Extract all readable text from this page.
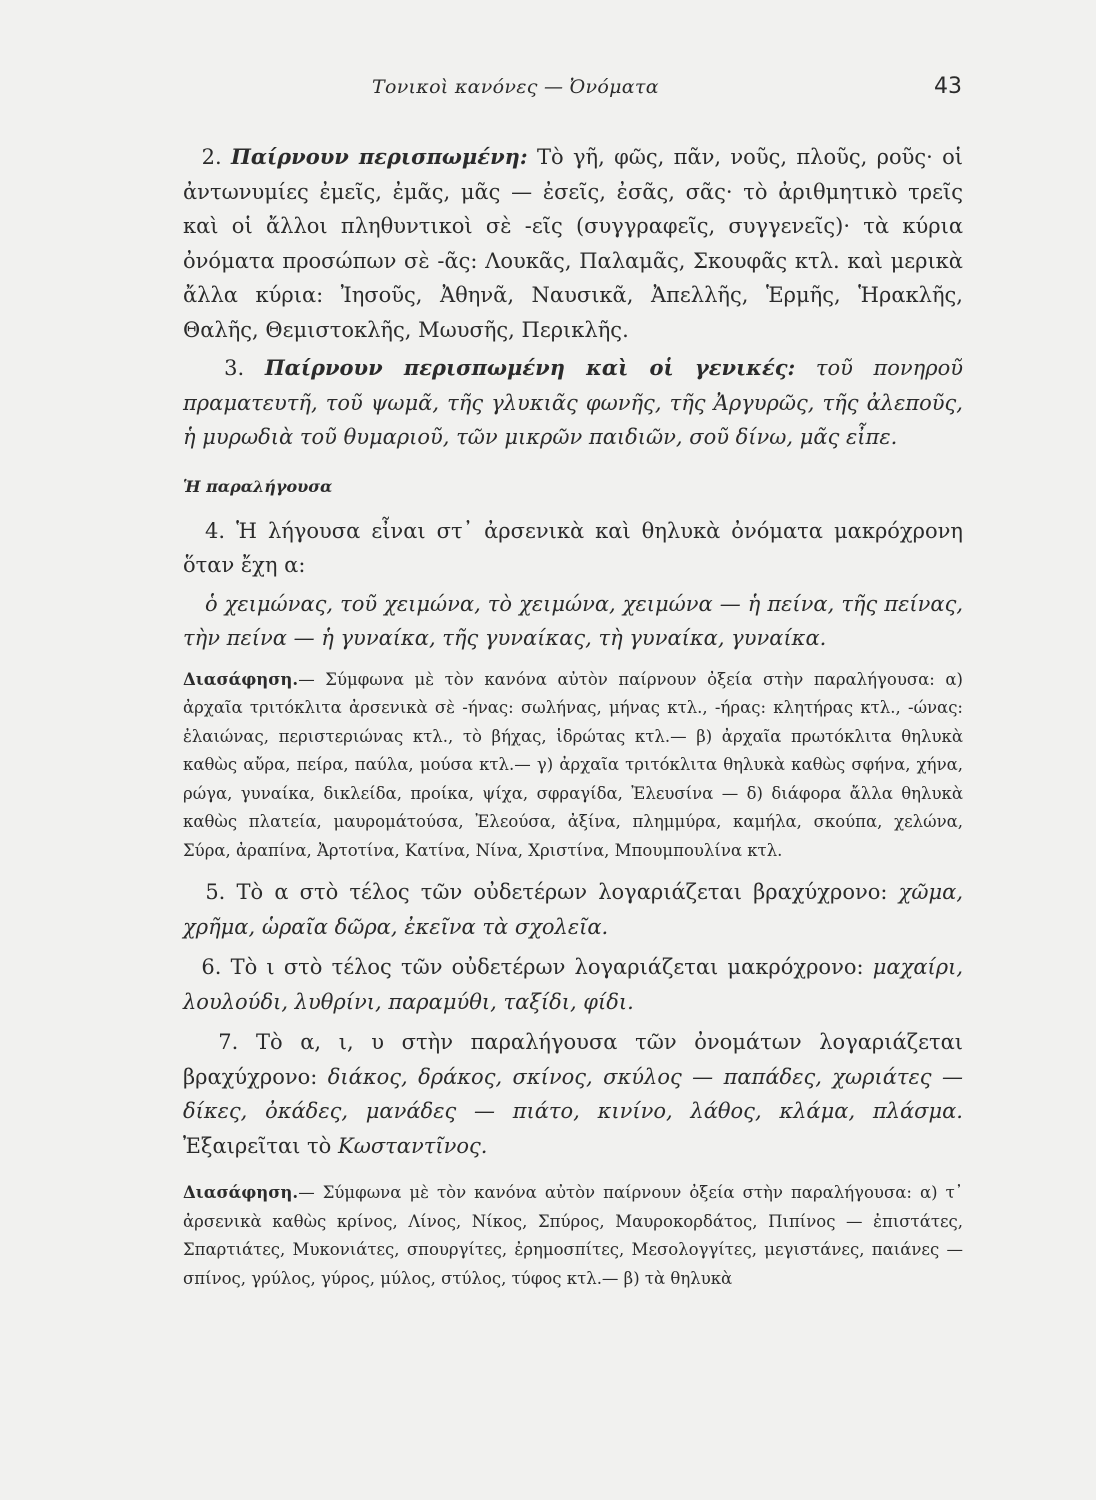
Τονικοὶ κανόνες — Ὀνόματα	43

2. Παίρνουν περισπωμένη: Τὸ γῆ, φῶς, πᾶν, νοῦς, πλοῦς, ροῦς· οἱ ἀντωνυμίες ἐμεῖς, ἐμᾶς, μᾶς — ἐσεῖς, ἐσᾶς, σᾶς· τὸ ἀριθμητικὸ τρεῖς καὶ οἱ ἄλλοι πληθυντικοὶ σὲ -εῖς (συγγραφεῖς, συγγενεῖς)· τὰ κύρια ὀνόματα προσώπων σὲ -ᾶς: Λουκᾶς, Παλαμᾶς, Σκουφᾶς κτλ. καὶ μερικὰ ἄλλα κύρια: Ἰησοῦς, Ἀθηνᾶ, Ναυσικᾶ, Ἀπελλῆς, Ἑρμῆς, Ἡρακλῆς, Θαλῆς, Θεμιστοκλῆς, Μωυσῆς, Περικλῆς.

3. Παίρνουν περισπωμένη καὶ οἱ γενικές: τοῦ πονηροῦ πραματευτῆ, τοῦ ψωμᾶ, τῆς γλυκιᾶς φωνῆς, τῆς Ἀργυρῶς, τῆς ἀλεποῦς, ἡ μυρωδιὰ τοῦ θυμαριοῦ, τῶν μικρῶν παιδιῶν, σοῦ δίνω, μᾶς εἶπε.

Ἡ παραλήγουσα

4. Ἡ λήγουσα εἶναι στ᾿ ἀρσενικὰ καὶ θηλυκὰ ὀνόματα μακρόχρονη ὅταν ἔχη α:

ὁ χειμώνας, τοῦ χειμώνα, τὸ χειμώνα, χειμώνα — ἡ πείνα, τῆς πείνας, τὴν πείνα — ἡ γυναίκα, τῆς γυναίκας, τὴ γυναίκα, γυναίκα.

Διασάφηση.— Σύμφωνα μὲ τὸν κανόνα αὐτὸν παίρνουν ὀξεία στὴν παραλήγουσα: α) ἀρχαῖα τριτόκλιτα ἀρσενικὰ σὲ -ήνας: σωλήνας, μήνας κτλ., -ήρας: κλητήρας κτλ., -ώνας: ἐλαιώνας, περιστεριώνας κτλ., τὸ βήχας, ἱδρώτας κτλ.— β) ἀρχαῖα πρωτόκλιτα θηλυκὰ καθὼς αὔρα, πείρα, παύλα, μούσα κτλ.— γ) ἀρχαῖα τριτόκλιτα θηλυκὰ καθὼς σφήνα, χήνα, ρώγα, γυναίκα, δικλείδα, προίκα, ψίχα, σφραγίδα, Ἐλευσίνα — δ) διάφορα ἄλλα θηλυκὰ καθὼς πλατεία, μαυρομάτούσα, Ἐλεούσα, ἀξίνα, πλημμύρα, καμήλα, σκούπα, χελώνα, Σύρα, ἀραπίνα, Ἀρτοτίνα, Κατίνα, Νίνα, Χριστίνα, Μπουμπουλίνα κτλ.

5. Τὸ α στὸ τέλος τῶν οὐδετέρων λογαριάζεται βραχύχρονο: χῶμα, χρῆμα, ὡραῖα δῶρα, ἐκεῖνα τὰ σχολεῖα.

6. Τὸ ι στὸ τέλος τῶν οὐδετέρων λογαριάζεται μακρόχρονο: μαχαίρι, λουλούδι, λυθρίνι, παραμύθι, ταξίδι, φίδι.

7. Τὸ α, ι, υ στὴν παραλήγουσα τῶν ὀνομάτων λογαριάζεται βραχύχρονο: διάκος, δράκος, σκίνος, σκύλος — παπάδες, χωριάτες — δίκες, ὀκάδες, μανάδες — πιάτο, κινίνο, λάθος, κλάμα, πλάσμα. Ἐξαιρεῖται τὸ Κωσταντῖνος.

Διασάφηση.— Σύμφωνα μὲ τὸν κανόνα αὐτὸν παίρνουν ὀξεία στὴν παραλήγουσα: α) τ᾿ ἀρσενικὰ καθὼς κρίνος, Λίνος, Νίκος, Σπύρος, Μαυροκορδάτος, Πιπίνος — ἐπιστάτες, Σπαρτιάτες, Μυκονιάτες, σπουργίτες, ἐρημοσπίτες, Μεσολογγίτες, μεγιστάνες, παιάνες — σπίνος, γρύλος, γύρος, μύλος, στύλος, τύφος κτλ.— β) τὰ θηλυκὰ
